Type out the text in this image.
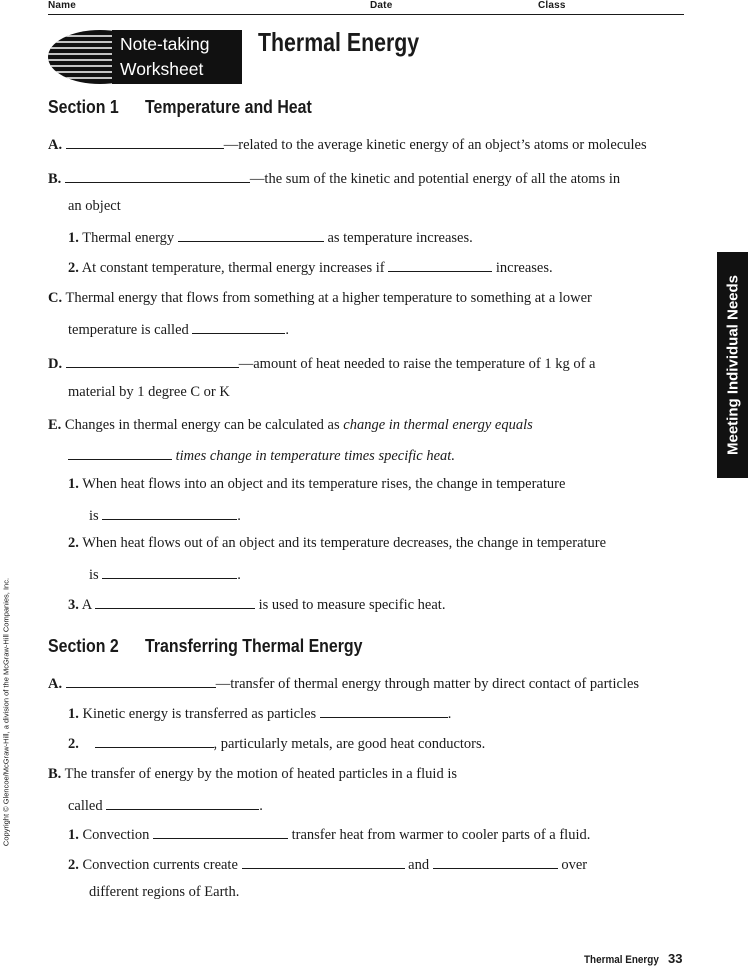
Name	Date	Class
Note-taking
Worksheet
Thermal Energy
Meeting Individual Needs
Copyright © Glencoe/McGraw-Hill, a division of the McGraw-Hill Companies, Inc.
Section 1 Temperature and Heat
A.	—related to the average kinetic energy of an object’s atoms or molecules
B.	—the sum of the kinetic and potential energy of all the atoms in
an object
1. Thermal energy	as temperature increases.
2. At constant temperature, thermal energy increases if	increases.
C. Thermal energy that flows from something at a higher temperature to something at a lower
temperature is called	.
D.	—amount of heat needed to raise the temperature of 1 kg of a
material by 1 degree C or K
E. Changes in thermal energy can be calculated as change in thermal energy equals
times change in temperature times specific heat.
1. When heat flows into an object and its temperature rises, the change in temperature
is	.
2. When heat flows out of an object and its temperature decreases, the change in temperature
is	.
3. A	is used to measure specific heat.
Section 2 Transferring Thermal Energy
A.	—transfer of thermal energy through matter by direct contact of particles
1. Kinetic energy is transferred as particles	.
2.	, particularly metals, are good heat conductors.
B. The transfer of energy by the motion of heated particles in a fluid is
called	.
1. Convection	transfer heat from warmer to cooler parts of a fluid.
2. Convection currents create	and	over
different regions of Earth.
Thermal Energy 33
